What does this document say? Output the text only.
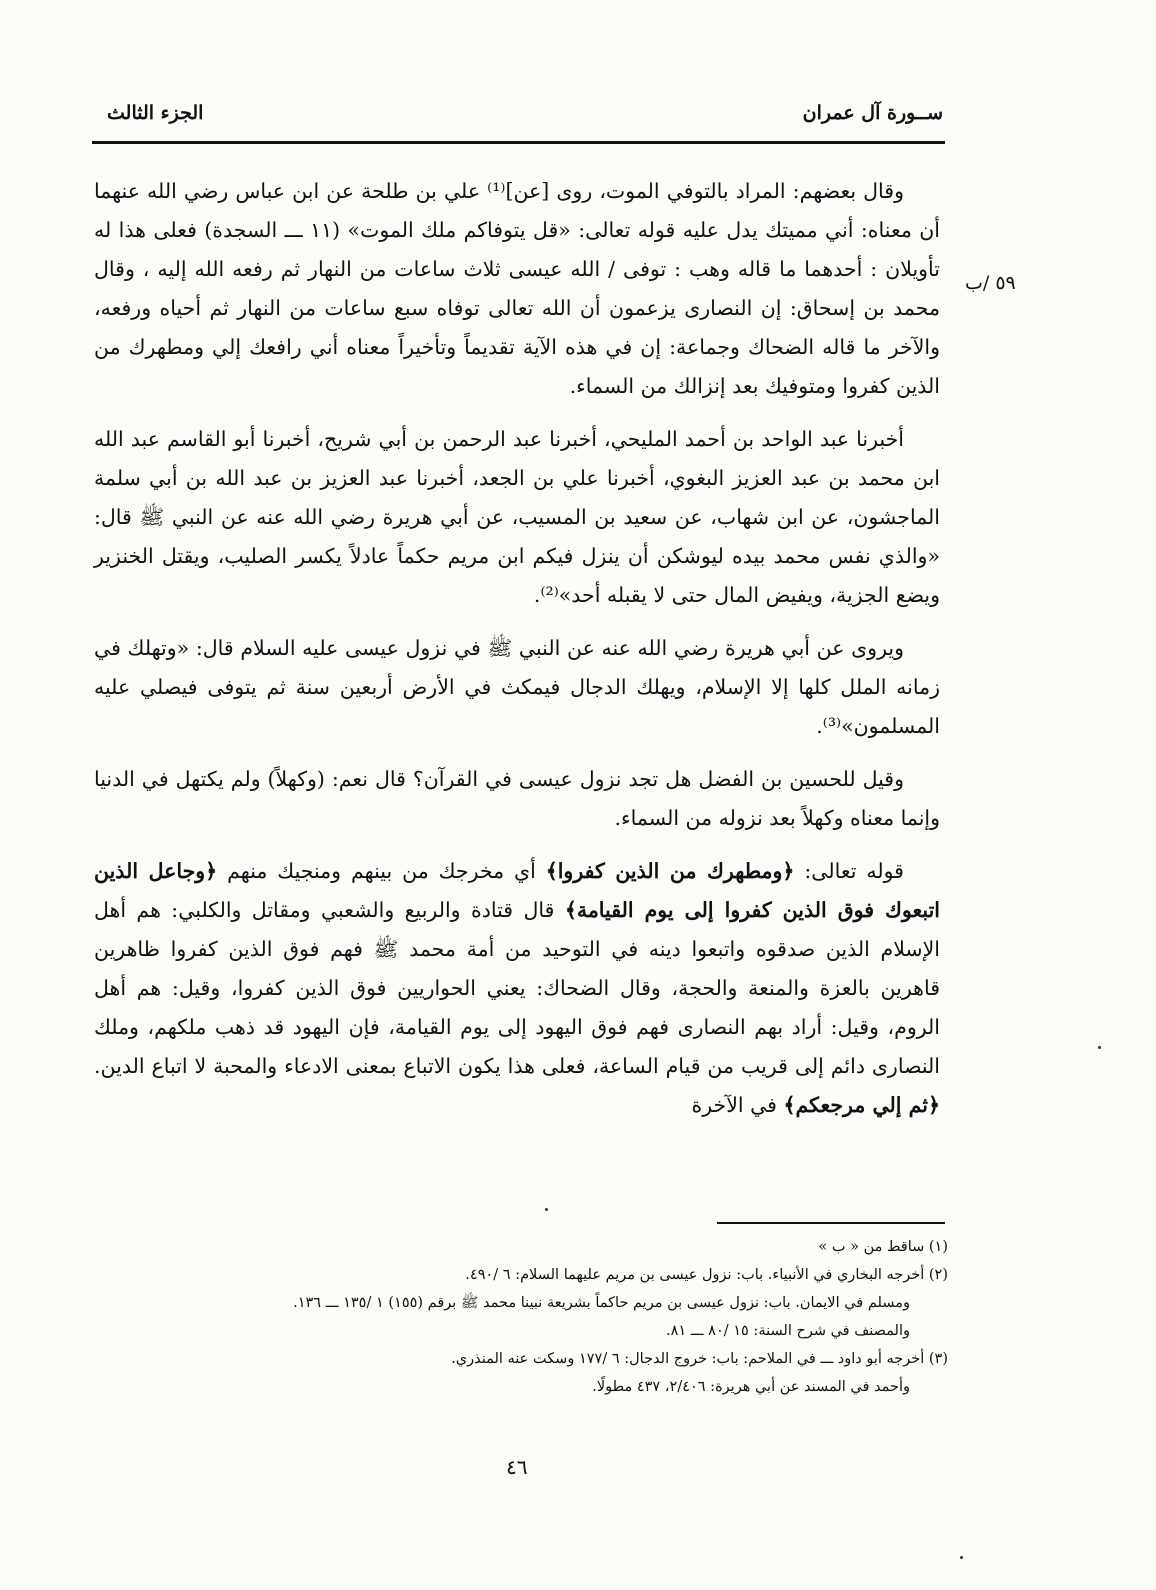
ســورة آل عمران
الجزء الثالث
٥٩ /ب

وقال بعضهم: المراد بالتوفي الموت، روى [عن]⁽¹⁾ علي بن طلحة عن ابن عباس رضي الله عنهما أن معناه: أني مميتك يدل عليه قوله تعالى: «قل يتوفاكم ملك الموت» (١١ ـــ السجدة) فعلى هذا له تأويلان : أحدهما ما قاله وهب : توفى / الله عيسى ثلاث ساعات من النهار ثم رفعه الله إليه ، وقال محمد بن إسحاق: إن النصارى يزعمون أن الله تعالى توفاه سبع ساعات من النهار ثم أحياه ورفعه، والآخر ما قاله الضحاك وجماعة: إن في هذه الآية تقديماً وتأخيراً معناه أني رافعك إلي ومطهرك من الذين كفروا ومتوفيك بعد إنزالك من السماء.

أخبرنا عبد الواحد بن أحمد المليحي، أخبرنا عبد الرحمن بن أبي شريح، أخبرنا أبو القاسم عبد الله ابن محمد بن عبد العزيز البغوي، أخبرنا علي بن الجعد، أخبرنا عبد العزيز بن عبد الله بن أبي سلمة الماجشون، عن ابن شهاب، عن سعيد بن المسيب، عن أبي هريرة رضي الله عنه عن النبي ﷺ قال: «والذي نفس محمد بيده ليوشكن أن ينزل فيكم ابن مريم حكماً عادلاً يكسر الصليب، ويقتل الخنزير ويضع الجزية، ويفيض المال حتى لا يقبله أحد»⁽²⁾.

ويروى عن أبي هريرة رضي الله عنه عن النبي ﷺ في نزول عيسى عليه السلام قال: «وتهلك في زمانه الملل كلها إلا الإسلام، ويهلك الدجال فيمكث في الأرض أربعين سنة ثم يتوفى فيصلي عليه المسلمون»⁽³⁾.

وقيل للحسين بن الفضل هل تجد نزول عيسى في القرآن؟ قال نعم: (وكهلاً) ولم يكتهل في الدنيا وإنما معناه وكهلاً بعد نزوله من السماء.

قوله تعالى: ﴿ومطهرك من الذين كفروا﴾ أي مخرجك من بينهم ومنجيك منهم ﴿وجاعل الذين اتبعوك فوق الذين كفروا إلى يوم القيامة﴾ قال قتادة والربيع والشعبي ومقاتل والكلبي: هم أهل الإسلام الذين صدقوه واتبعوا دينه في التوحيد من أمة محمد ﷺ فهم فوق الذين كفروا ظاهرين قاهرين بالعزة والمنعة والحجة، وقال الضحاك: يعني الحواريين فوق الذين كفروا، وقيل: هم أهل الروم، وقيل: أراد بهم النصارى فهم فوق اليهود إلى يوم القيامة، فإن اليهود قد ذهب ملكهم، وملك النصارى دائم إلى قريب من قيام الساعة، فعلى هذا يكون الاتباع بمعنى الادعاء والمحبة لا اتباع الدين. ﴿ثم إلي مرجعكم﴾ في الآخرة

(١) ساقط من « ب »

(٢) أخرجه البخاري في الأنبياء. باب: نزول عيسى بن مريم عليهما السلام: ٦ /٤٩٠.

ومسلم في الايمان. باب: نزول عيسى بن مريم حاكماً بشريعة نبينا محمد ﷺ برقم (١٥٥) ١ /١٣٥ ـــ ١٣٦.

والمصنف في شرح السنة: ١٥ /٨٠ ـــ ٨١.

(٣) أخرجه أبو داود ـــ في الملاحم: باب: خروج الدجال: ٦ /١٧٧ وسكت عنه المنذري.

وأحمد في المسند عن أبي هريرة: ٢/٤٠٦، ٤٣٧ مطولًا.

٤٦
